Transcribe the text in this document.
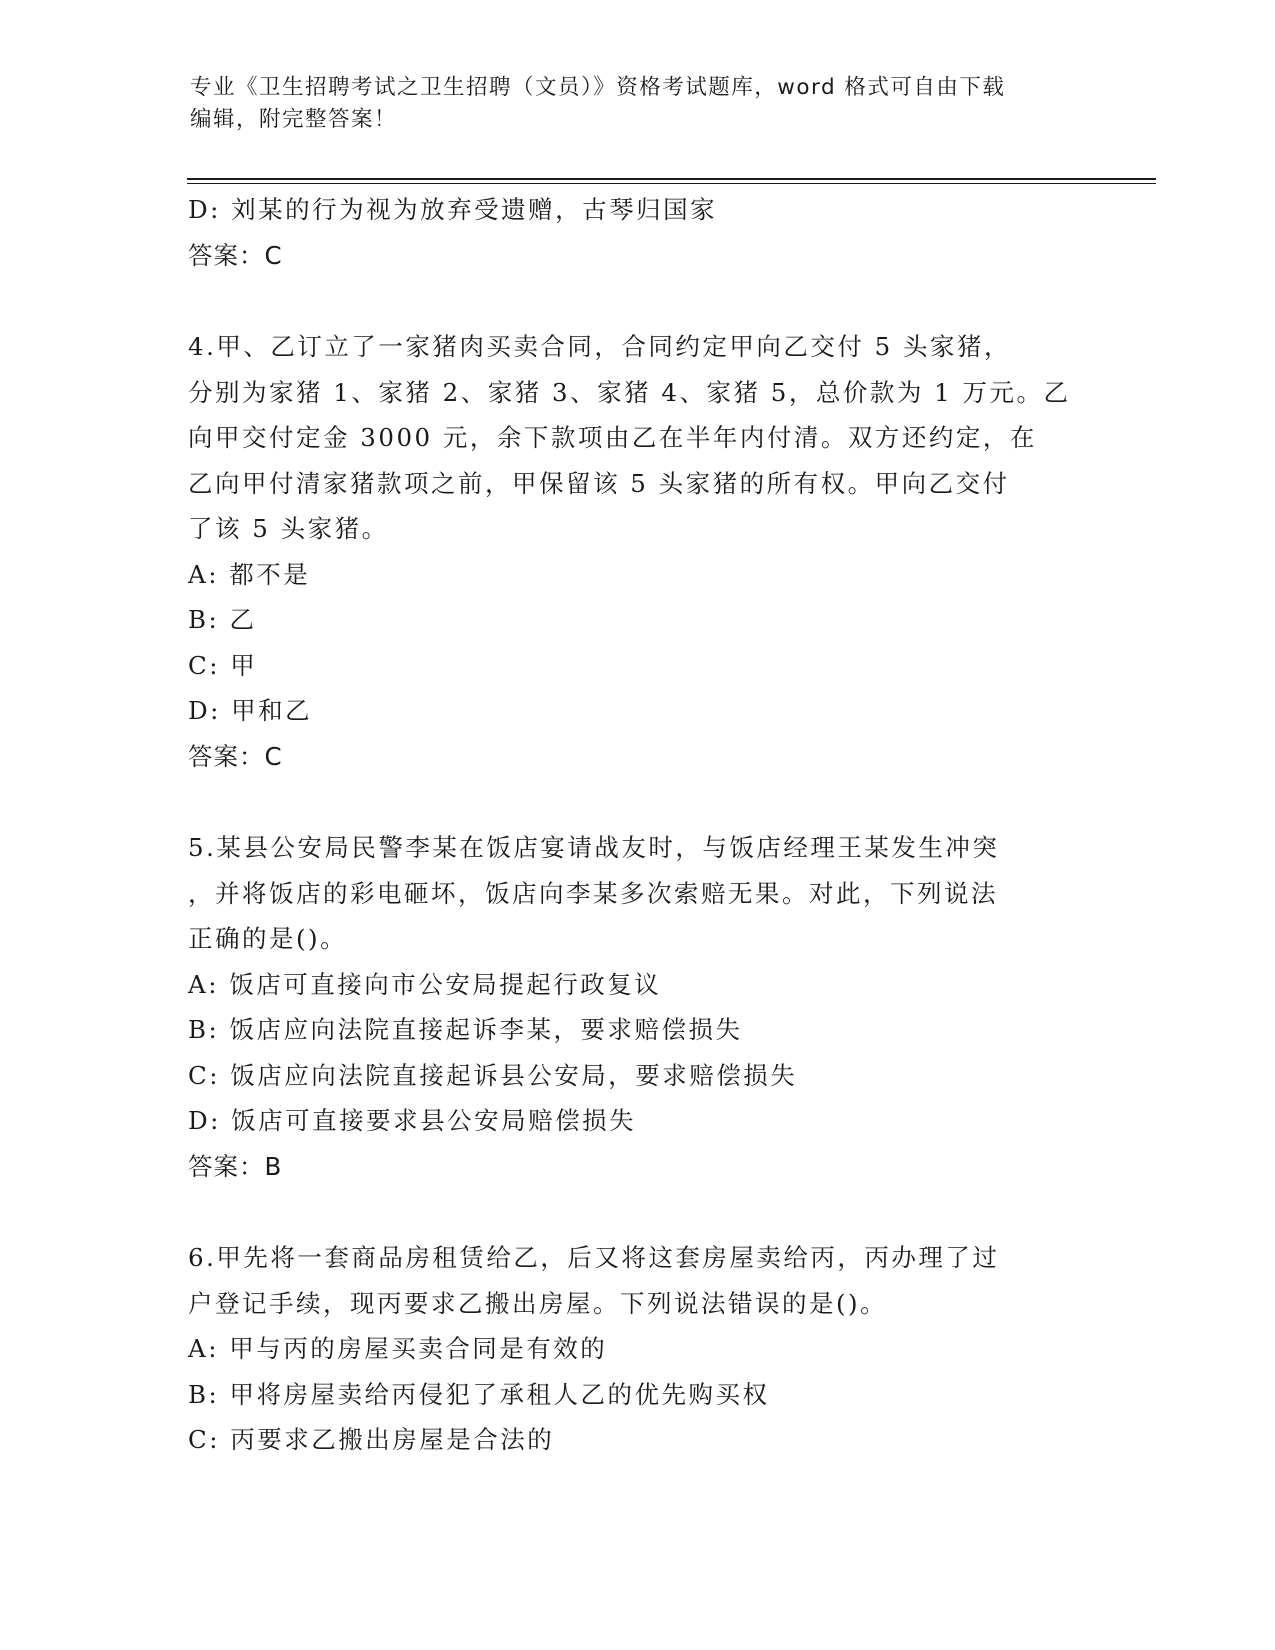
专业《卫生招聘考试之卫生招聘（文员）》资格考试题库，word 格式可自由下载
编辑，附完整答案！
D: 刘某的行为视为放弃受遗赠，古琴归国家
答案：C
4.甲、乙订立了一家猪肉买卖合同，合同约定甲向乙交付 5 头家猪，
分别为家猪 1、家猪 2、家猪 3、家猪 4、家猪 5，总价款为 1 万元。乙
向甲交付定金 3000 元，余下款项由乙在半年内付清。双方还约定，在
乙向甲付清家猪款项之前，甲保留该 5 头家猪的所有权。甲向乙交付
了该 5 头家猪。
A: 都不是
B: 乙
C: 甲
D: 甲和乙
答案：C
5.某县公安局民警李某在饭店宴请战友时，与饭店经理王某发生冲突
，并将饭店的彩电砸坏，饭店向李某多次索赔无果。对此，下列说法
正确的是()。
A: 饭店可直接向市公安局提起行政复议
B: 饭店应向法院直接起诉李某，要求赔偿损失
C: 饭店应向法院直接起诉县公安局，要求赔偿损失
D: 饭店可直接要求县公安局赔偿损失
答案：B
6.甲先将一套商品房租赁给乙，后又将这套房屋卖给丙，丙办理了过
户登记手续，现丙要求乙搬出房屋。下列说法错误的是()。
A: 甲与丙的房屋买卖合同是有效的
B: 甲将房屋卖给丙侵犯了承租人乙的优先购买权
C: 丙要求乙搬出房屋是合法的
